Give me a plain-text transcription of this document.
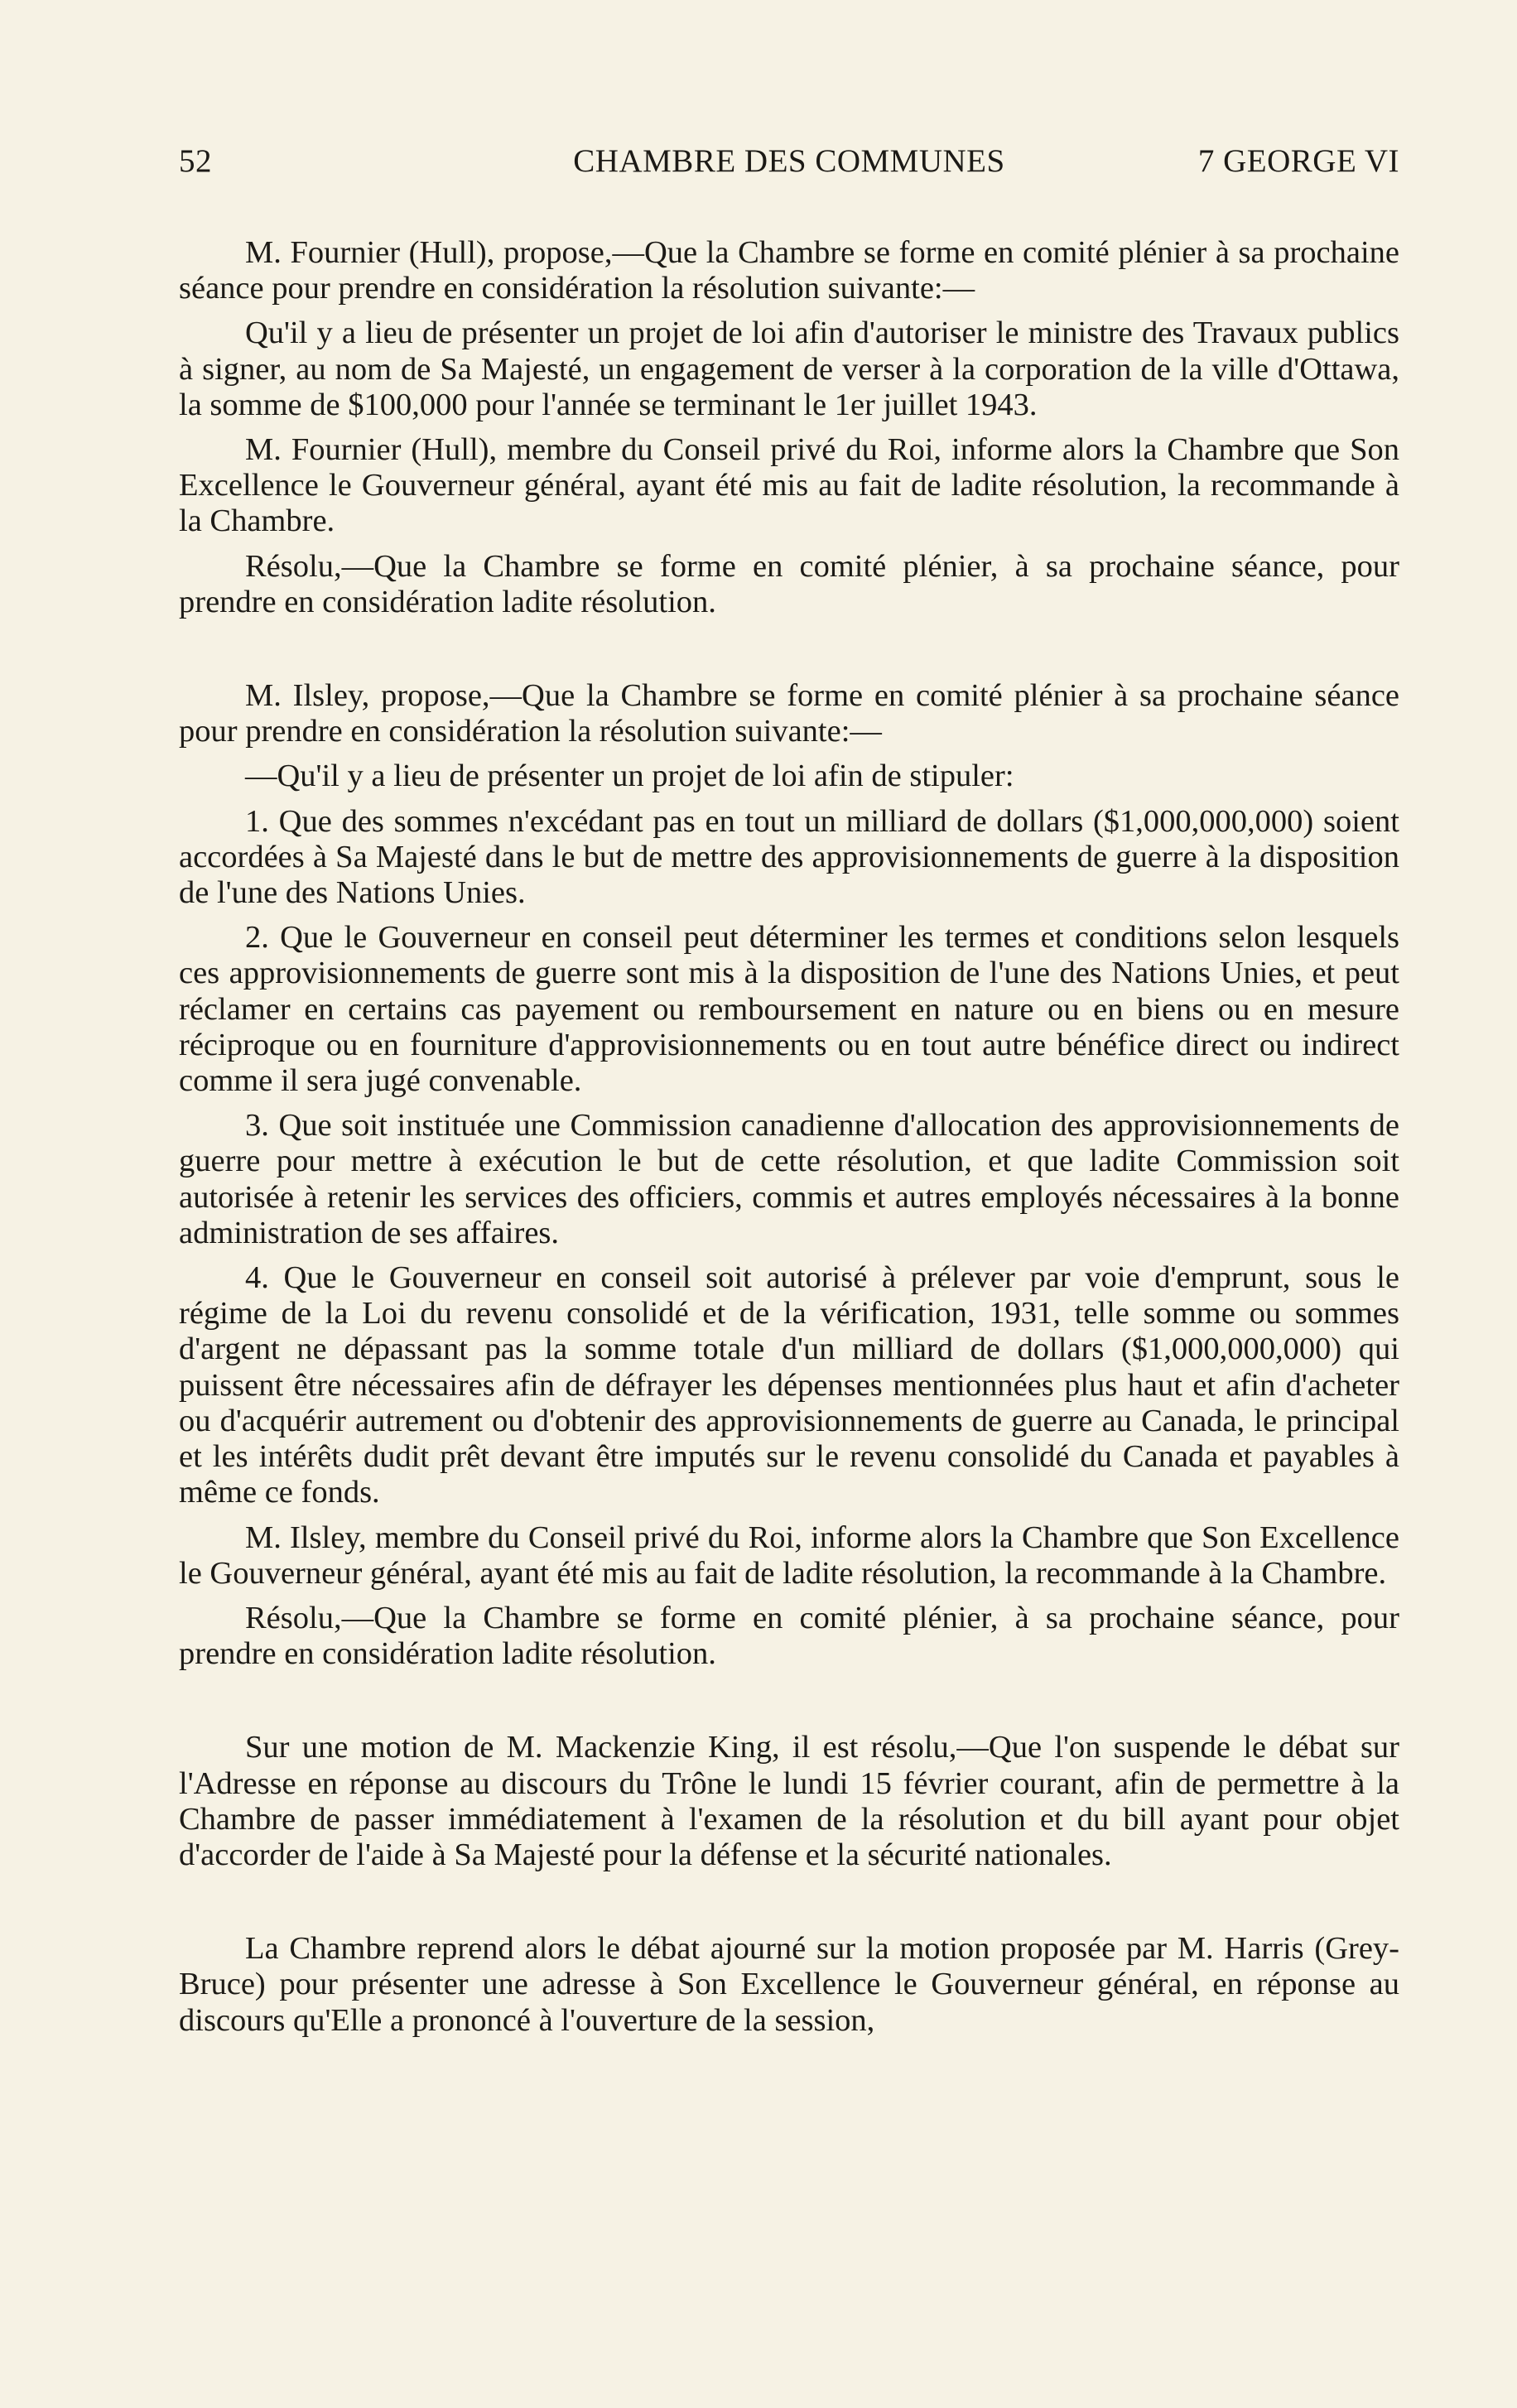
52	CHAMBRE DES COMMUNES	7 GEORGE VI

M. Fournier (Hull), propose,—Que la Chambre se forme en comité plénier à sa prochaine séance pour prendre en considération la résolution suivante:—

Qu'il y a lieu de présenter un projet de loi afin d'autoriser le ministre des Travaux publics à signer, au nom de Sa Majesté, un engagement de verser à la corporation de la ville d'Ottawa, la somme de $100,000 pour l'année se terminant le 1er juillet 1943.

M. Fournier (Hull), membre du Conseil privé du Roi, informe alors la Chambre que Son Excellence le Gouverneur général, ayant été mis au fait de ladite résolution, la recommande à la Chambre.

Résolu,—Que la Chambre se forme en comité plénier, à sa prochaine séance, pour prendre en considération ladite résolution.

M. Ilsley, propose,—Que la Chambre se forme en comité plénier à sa prochaine séance pour prendre en considération la résolution suivante:—

—Qu'il y a lieu de présenter un projet de loi afin de stipuler:

1. Que des sommes n'excédant pas en tout un milliard de dollars ($1,000,000,000) soient accordées à Sa Majesté dans le but de mettre des approvisionnements de guerre à la disposition de l'une des Nations Unies.

2. Que le Gouverneur en conseil peut déterminer les termes et conditions selon lesquels ces approvisionnements de guerre sont mis à la disposition de l'une des Nations Unies, et peut réclamer en certains cas payement ou remboursement en nature ou en biens ou en mesure réciproque ou en fourniture d'approvisionnements ou en tout autre bénéfice direct ou indirect comme il sera jugé convenable.

3. Que soit instituée une Commission canadienne d'allocation des approvisionnements de guerre pour mettre à exécution le but de cette résolution, et que ladite Commission soit autorisée à retenir les services des officiers, commis et autres employés nécessaires à la bonne administration de ses affaires.

4. Que le Gouverneur en conseil soit autorisé à prélever par voie d'emprunt, sous le régime de la Loi du revenu consolidé et de la vérification, 1931, telle somme ou sommes d'argent ne dépassant pas la somme totale d'un milliard de dollars ($1,000,000,000) qui puissent être nécessaires afin de défrayer les dépenses mentionnées plus haut et afin d'acheter ou d'acquérir autrement ou d'obtenir des approvisionnements de guerre au Canada, le principal et les intérêts dudit prêt devant être imputés sur le revenu consolidé du Canada et payables à même ce fonds.

M. Ilsley, membre du Conseil privé du Roi, informe alors la Chambre que Son Excellence le Gouverneur général, ayant été mis au fait de ladite résolution, la recommande à la Chambre.

Résolu,—Que la Chambre se forme en comité plénier, à sa prochaine séance, pour prendre en considération ladite résolution.

Sur une motion de M. Mackenzie King, il est résolu,—Que l'on suspende le débat sur l'Adresse en réponse au discours du Trône le lundi 15 février courant, afin de permettre à la Chambre de passer immédiatement à l'examen de la résolution et du bill ayant pour objet d'accorder de l'aide à Sa Majesté pour la défense et la sécurité nationales.

La Chambre reprend alors le débat ajourné sur la motion proposée par M. Harris (Grey-Bruce) pour présenter une adresse à Son Excellence le Gouverneur général, en réponse au discours qu'Elle a prononcé à l'ouverture de la session,
